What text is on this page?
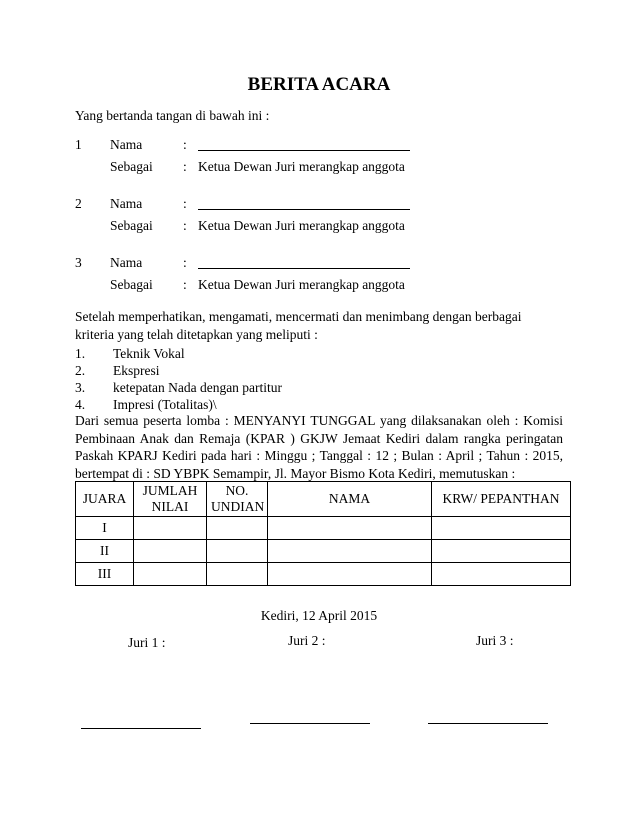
BERITA ACARA
Yang bertanda tangan di bawah ini :
1 Nama	:
Sebagai : Ketua Dewan Juri merangkap anggota
2 Nama	:
Sebagai : Ketua Dewan Juri merangkap anggota
3 Nama	:
Sebagai : Ketua Dewan Juri merangkap anggota
Setelah memperhatikan, mengamati, mencermati dan menimbang dengan berbagai kriteria yang telah ditetapkan yang meliputi :
1. Teknik Vokal
2. Ekspresi
3. ketepatan Nada dengan partitur
4. Impresi (Totalitas)\
Dari semua peserta lomba : MENYANYI TUNGGAL yang dilaksanakan oleh : Komisi Pembinaan Anak dan Remaja (KPAR ) GKJW Jemaat Kediri dalam rangka peringatan Paskah KPARJ Kediri pada hari : Minggu ; Tanggal : 12 ; Bulan : April ; Tahun : 2015, bertempat di : SD YBPK Semampir, Jl. Mayor Bismo Kota Kediri, memutuskan :
JUARA	JUMLAH NILAI	NO. UNDIAN	NAMA	KRW/ PEPANTHAN
I				
II				
III				
Kediri, 12 April 2015
Juri 1 :	Juri 2 :	Juri 3 :
